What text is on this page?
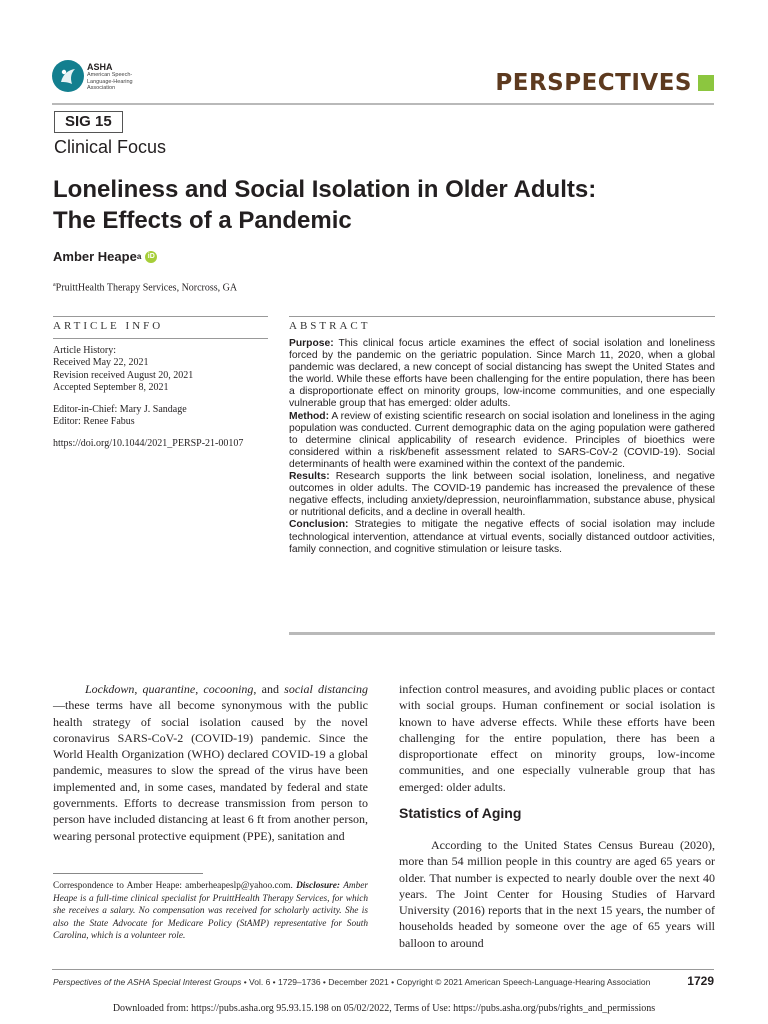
ASHA
American Speech-Language-Hearing Association	PERSPECTIVES
SIG 15
Clinical Focus
Loneliness and Social Isolation in Older Adults:
The Effects of a Pandemic
Amber Heape a iD
$^a$PruittHealth Therapy Services, Norcross, GA
ARTICLE INFO	ABSTRACT

Article History:

Received May 22, 2021

Revision received August 20, 2021

Accepted September 8, 2021

Editor-in-Chief: Mary J. Sandage

Editor: Renee Fabus

https://doi.org/10.1044/2021_PERSP-21-00107

Purpose: This clinical focus article examines the effect of social isolation and loneliness forced by the pandemic on the geriatric population. Since March 11, 2020, when a global pandemic was declared, a new concept of social distancing has swept the United States and the world. While these efforts have been challenging for the entire population, there has been a disproportionate effect on minority groups, low-income communities, and one especially vulnerable group that has emerged: older adults.

Method: A review of existing scientific research on social isolation and loneliness in the aging population was conducted. Current demographic data on the aging population were gathered to determine clinical applicability of research evidence. Principles of bioethics were considered within a risk/benefit assessment related to SARS-CoV-2 (COVID-19). Social determinants of health were examined within the context of the pandemic.

Results: Research supports the link between social isolation, loneliness, and negative outcomes in older adults. The COVID-19 pandemic has increased the prevalence of these negative effects, including anxiety/depression, neuroinflammation, substance abuse, physical or nutritional deficits, and a decline in overall health.

Conclusion: Strategies to mitigate the negative effects of social isolation may include technological intervention, attendance at virtual events, socially distanced outdoor activities, family connection, and cognitive stimulation or leisure tasks.

Lockdown, quarantine, cocooning, and social distancing—these terms have all become synonymous with the public health strategy of social isolation caused by the novel coronavirus SARS-CoV-2 (COVID-19) pandemic. Since the World Health Organization (WHO) declared COVID-19 a global pandemic, measures to slow the spread of the virus have been implemented and, in some cases, mandated by federal and state governments. Efforts to decrease transmission from person to person have included distancing at least 6 ft from another person, wearing personal protective equipment (PPE), sanitation and

infection control measures, and avoiding public places or contact with social groups. Human confinement or social isolation is known to have adverse effects. While these efforts have been challenging for the entire population, there has been a disproportionate effect on minority groups, low-income communities, and one especially vulnerable group that has emerged: older adults.

Statistics of Aging

According to the United States Census Bureau (2020), more than 54 million people in this country are aged 65 years or older. That number is expected to nearly double over the next 40 years. The Joint Center for Housing Studies of Harvard University (2016) reports that in the next 15 years, the number of households headed by someone over the age of 65 years will balloon to around

Correspondence to Amber Heape: amberheapeslp@yahoo.com. Disclosure: Amber Heape is a full-time clinical specialist for PruittHealth Therapy Services, for which she receives a salary. No compensation was received for scholarly activity. She is also the State Advocate for Medicare Policy (StAMP) representative for South Carolina, which is a volunteer role.
Perspectives of the ASHA Special Interest Groups • Vol. 6 • 1729–1736 • December 2021 • Copyright © 2021 American Speech-Language-Hearing Association	1729
Downloaded from: https://pubs.asha.org 95.93.15.198 on 05/02/2022, Terms of Use: https://pubs.asha.org/pubs/rights_and_permissions
